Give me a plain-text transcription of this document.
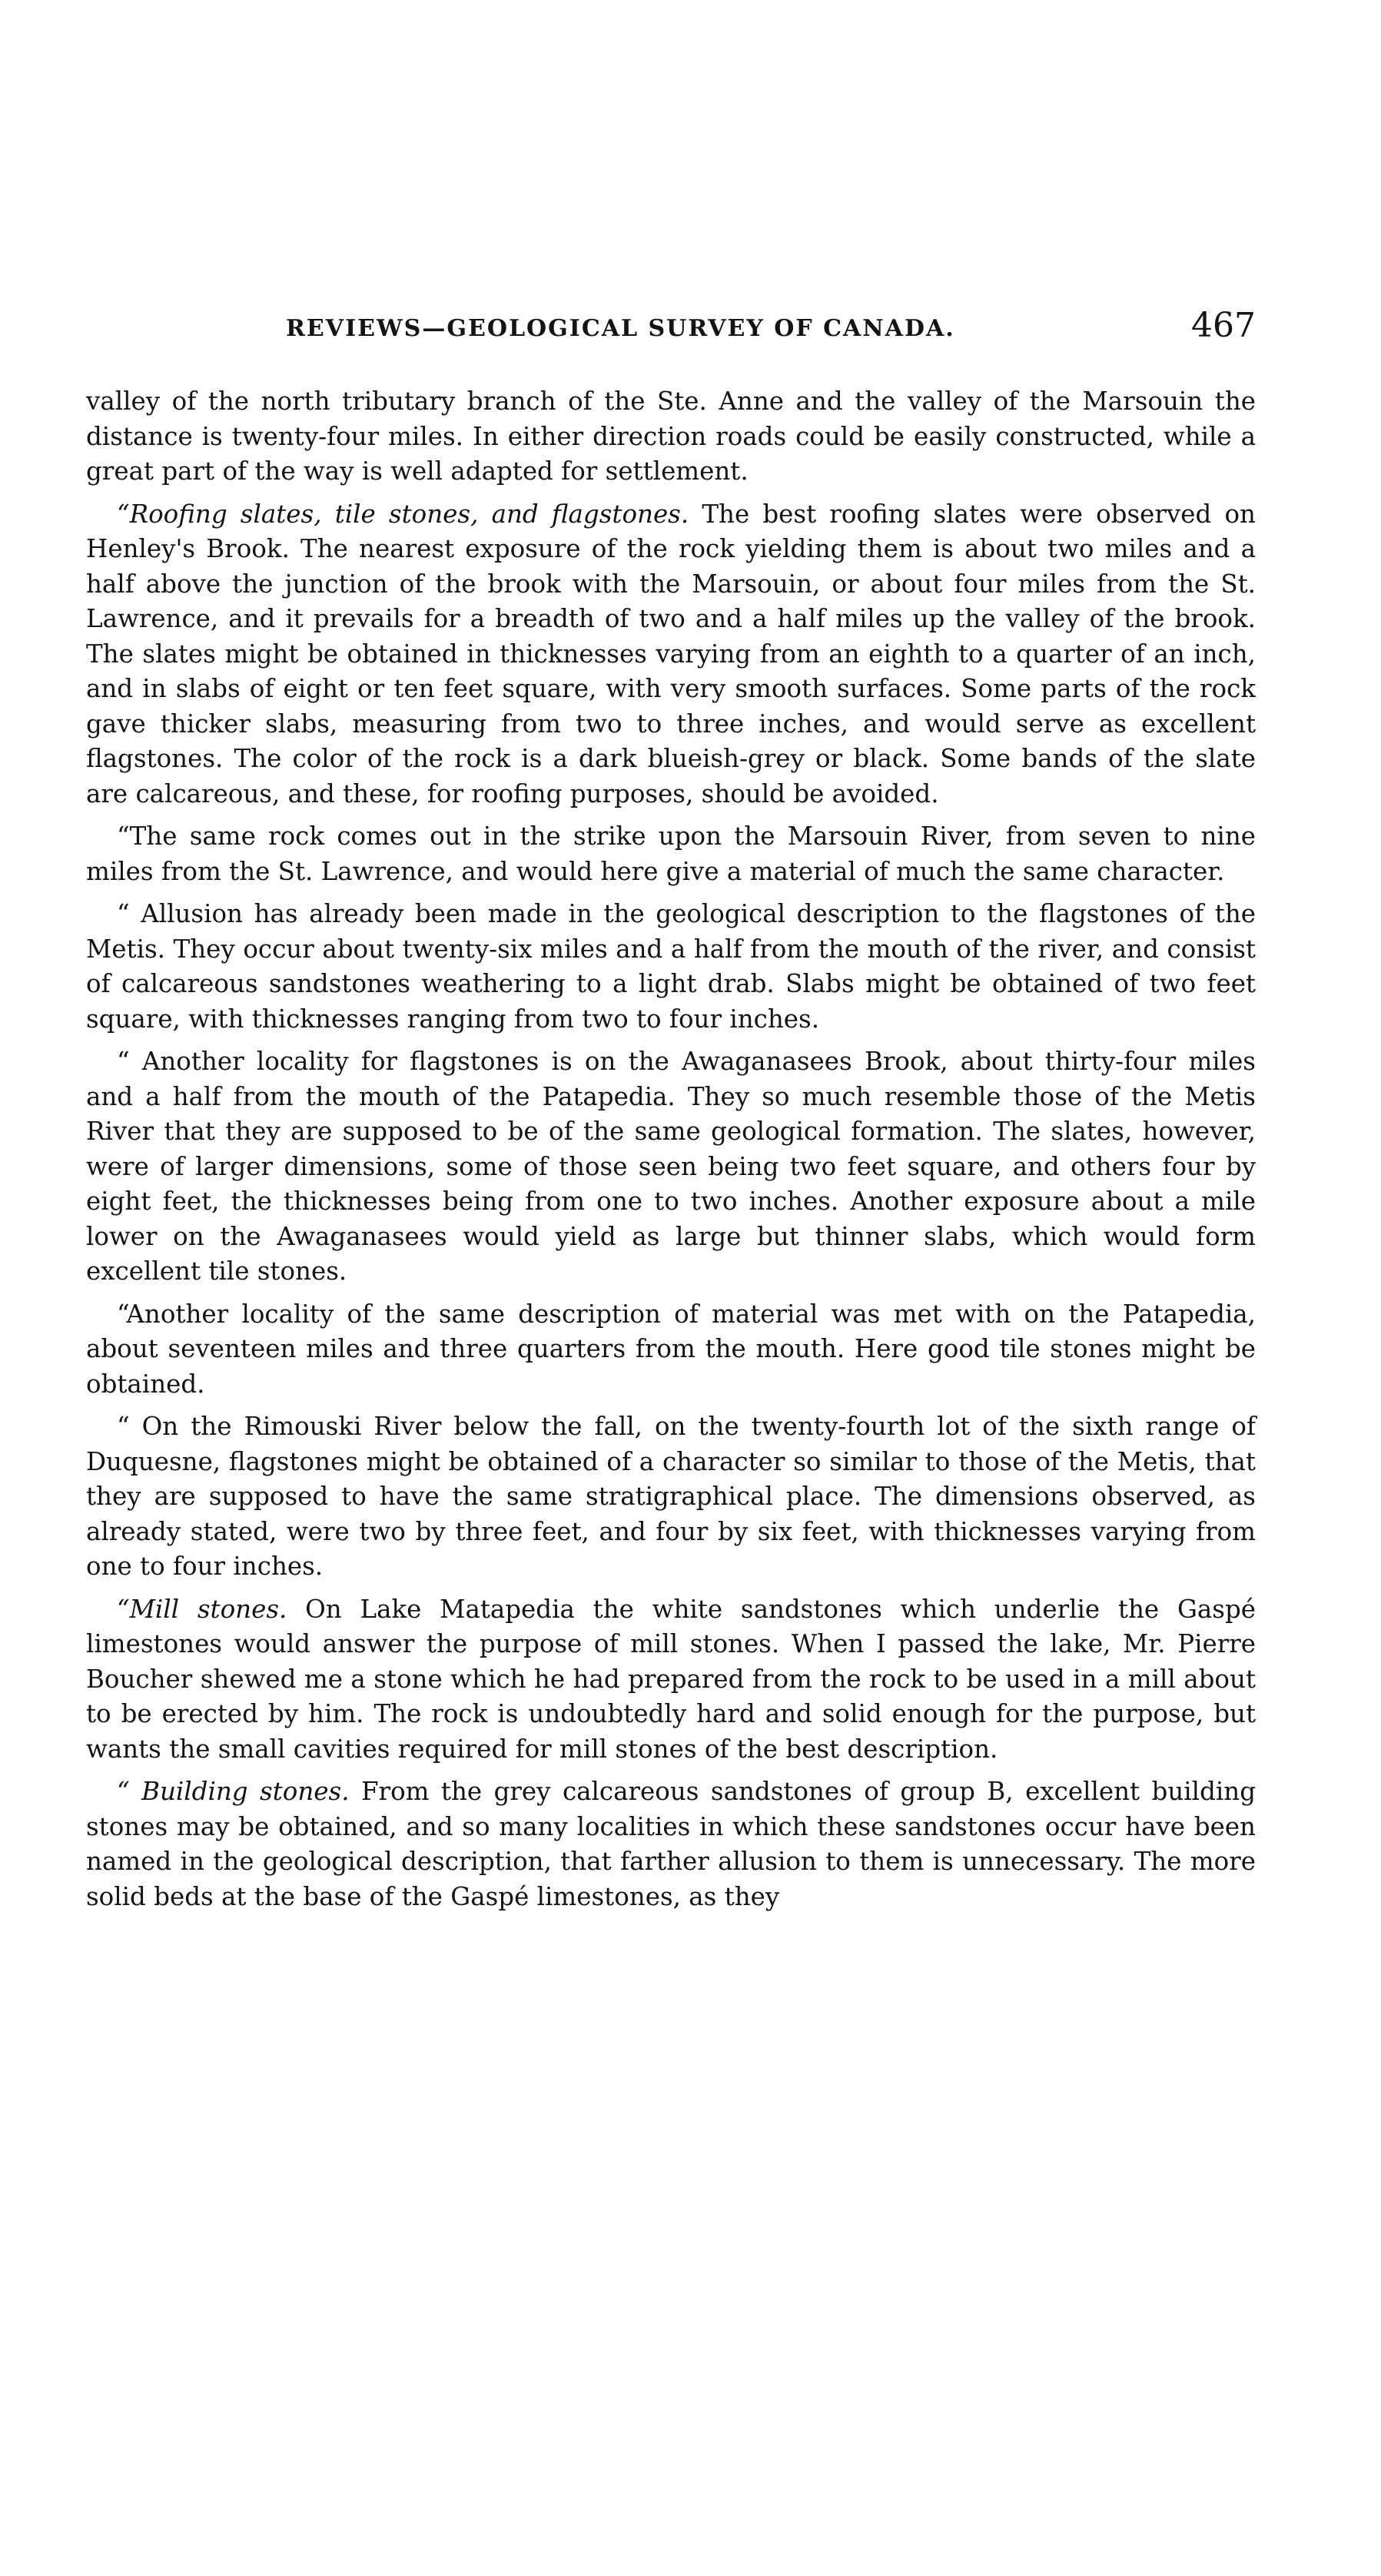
REVIEWS—GEOLOGICAL SURVEY OF CANADA.	467

valley of the north tributary branch of the Ste. Anne and the valley of the Marsouin the distance is twenty-four miles. In either direction roads could be easily constructed, while a great part of the way is well adapted for settlement.

“Roofing slates, tile stones, and flagstones. The best roofing slates were observed on Henley's Brook. The nearest exposure of the rock yielding them is about two miles and a half above the junction of the brook with the Marsouin, or about four miles from the St. Lawrence, and it prevails for a breadth of two and a half miles up the valley of the brook. The slates might be obtained in thicknesses varying from an eighth to a quarter of an inch, and in slabs of eight or ten feet square, with very smooth surfaces. Some parts of the rock gave thicker slabs, measuring from two to three inches, and would serve as excellent flagstones. The color of the rock is a dark blueish-grey or black. Some bands of the slate are calcareous, and these, for roofing purposes, should be avoided.

“The same rock comes out in the strike upon the Marsouin River, from seven to nine miles from the St. Lawrence, and would here give a material of much the same character.

“ Allusion has already been made in the geological description to the flagstones of the Metis. They occur about twenty-six miles and a half from the mouth of the river, and consist of calcareous sandstones weathering to a light drab. Slabs might be obtained of two feet square, with thicknesses ranging from two to four inches.

“ Another locality for flagstones is on the Awaganasees Brook, about thirty-four miles and a half from the mouth of the Patapedia. They so much resemble those of the Metis River that they are supposed to be of the same geological formation. The slates, however, were of larger dimensions, some of those seen being two feet square, and others four by eight feet, the thicknesses being from one to two inches. Another exposure about a mile lower on the Awaganasees would yield as large but thinner slabs, which would form excellent tile stones.

“Another locality of the same description of material was met with on the Patapedia, about seventeen miles and three quarters from the mouth. Here good tile stones might be obtained.

“ On the Rimouski River below the fall, on the twenty-fourth lot of the sixth range of Duquesne, flagstones might be obtained of a character so similar to those of the Metis, that they are supposed to have the same stratigraphical place. The dimensions observed, as already stated, were two by three feet, and four by six feet, with thicknesses varying from one to four inches.

“Mill stones. On Lake Matapedia the white sandstones which underlie the Gaspé limestones would answer the purpose of mill stones. When I passed the lake, Mr. Pierre Boucher shewed me a stone which he had prepared from the rock to be used in a mill about to be erected by him. The rock is undoubtedly hard and solid enough for the purpose, but wants the small cavities required for mill stones of the best description.

“ Building stones. From the grey calcareous sandstones of group B, excellent building stones may be obtained, and so many localities in which these sandstones occur have been named in the geological description, that farther allusion to them is unnecessary. The more solid beds at the base of the Gaspé limestones, as they
